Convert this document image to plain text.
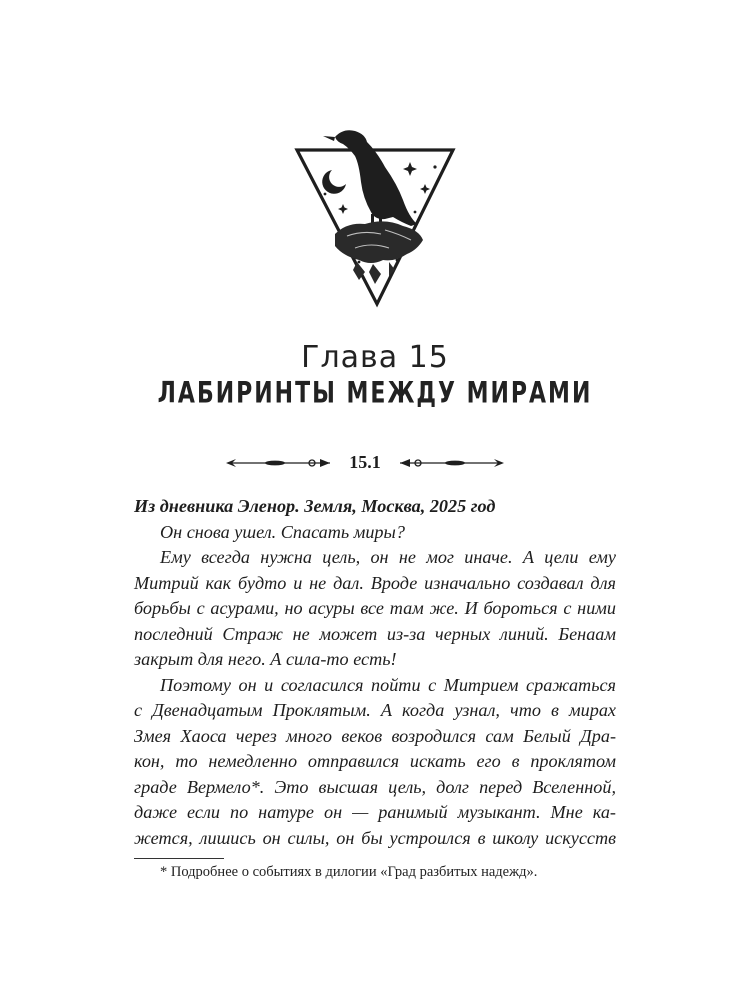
Глава 15
ЛАБИРИНТЫ МЕЖДУ МИРАМИ
15.1
Из дневника Эленор. Земля, Москва, 2025 год
Он снова ушел. Спасать миры?
Ему всегда нужна цель, он не мог иначе. А цели ему
Митрий как будто и не дал. Вроде изначально создавал для
борьбы с асурами, но асуры все там же. И бороться с ними
последний Страж не может из-за черных линий. Бенаам
закрыт для него. А сила-то есть!
Поэтому он и согласился пойти с Митрием сражаться
с Двенадцатым Проклятым. А когда узнал, что в мирах
Змея Хаоса через много веков возродился сам Белый Дра-
кон, то немедленно отправился искать его в проклятом
граде Вермело*. Это высшая цель, долг перед Вселенной,
даже если по натуре он — ранимый музыкант. Мне ка-
жется, лишись он силы, он бы устроился в школу искусств
* Подробнее о событиях в дилогии «Град разбитых надежд».
